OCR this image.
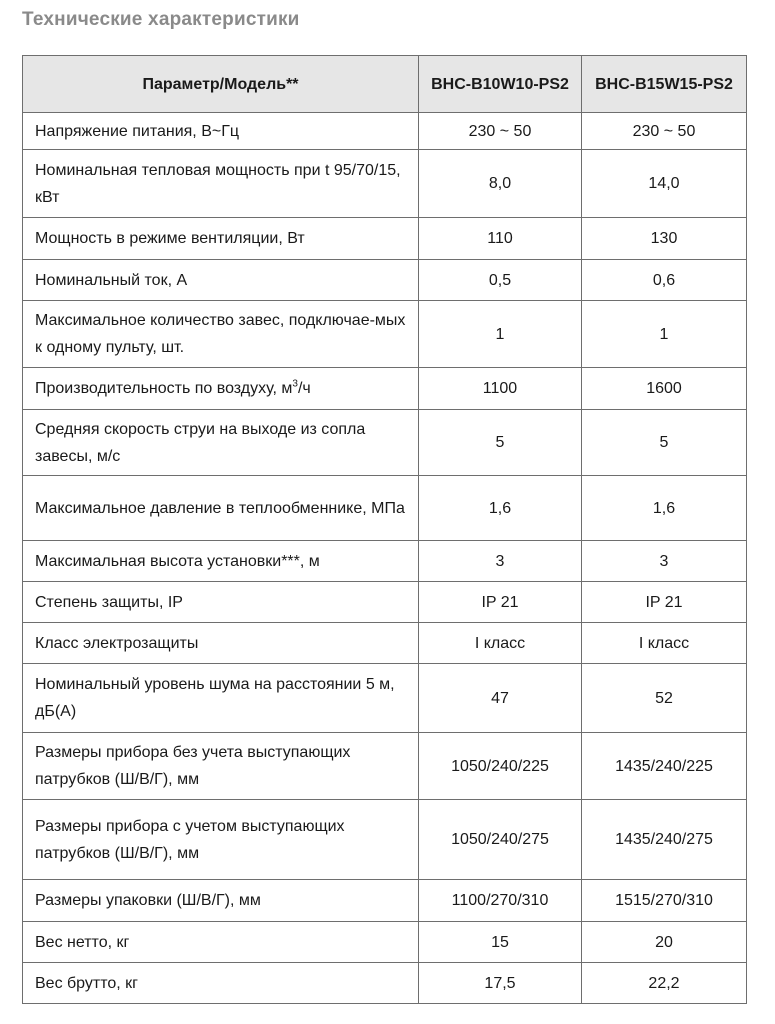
Технические характеристики
Параметр/Модель**	BHC-B10W10-PS2	BHC-B15W15-PS2
Напряжение питания, В~Гц	230 ~ 50	230 ~ 50
Номинальная тепловая мощность при t 95/70/15, кВт	8,0	14,0
Мощность в режиме вентиляции, Вт	110	130
Номинальный ток, А	0,5	0,6
Максимальное количество завес, подключае-мых к одному пульту, шт.	1	1
Производительность по воздуху, $м^3/ч$	1100	1600
Средняя скорость струи на выходе из сопла завесы, м/с	5	5
Максимальное давление в теплообменнике, МПа	1,6	1,6
Максимальная высота установки***, м	3	3
Степень защиты, IP	IP 21	IP 21
Класс электрозащиты	I класс	I класс
Номинальный уровень шума на расстоянии 5 м, дБ(А)	47	52
Размеры прибора без учета выступающих патрубков (Ш/В/Г), мм	1050/240/225	1435/240/225
Размеры прибора с учетом выступающих патрубков (Ш/В/Г), мм	1050/240/275	1435/240/275
Размеры упаковки (Ш/В/Г), мм	1100/270/310	1515/270/310
Вес нетто, кг	15	20
Вес брутто, кг	17,5	22,2
